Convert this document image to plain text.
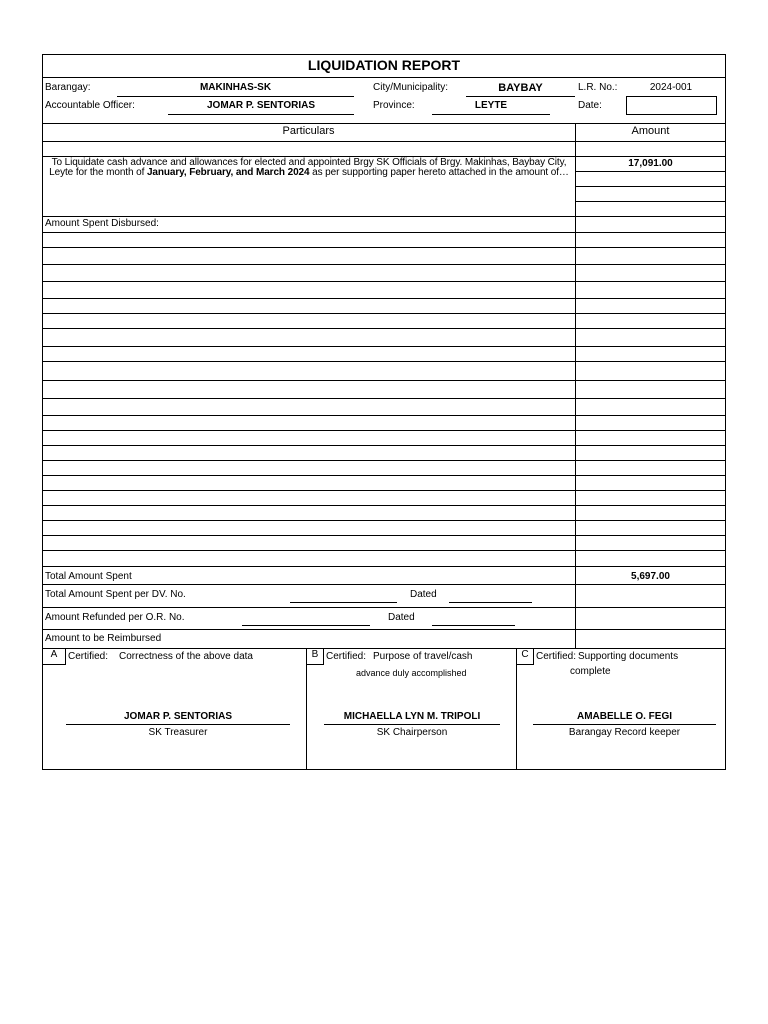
LIQUIDATION REPORT
Barangay:	MAKINHAS-SK	City/Municipality:	BAYBAY	L.R. No.:	2024-001
Accountable Officer:	JOMAR P. SENTORIAS	Province:	LEYTE	Date:
Particulars	Amount
To Liquidate cash advance and allowances for elected and appointed Brgy SK Officials of Brgy. Makinhas, Baybay City, Leyte for the month of January, February, and March 2024 as per supporting paper hereto attached in the amount of…
17,091.00
Amount Spent Disbursed:
Total Amount Spent	5,697.00
Total Amount Spent per DV. No.	Dated
Amount Refunded per O.R. No.	Dated
Amount to be Reimbursed
A	Certified: Correctness of the above data
JOMAR P. SENTORIAS
SK Treasurer
B Certified: Purpose of travel/cash
advance duly accomplished
MICHAELLA LYN M. TRIPOLI
SK Chairperson
C Certified: Supporting documents
complete
AMABELLE O. FEGI
Barangay Record keeper
